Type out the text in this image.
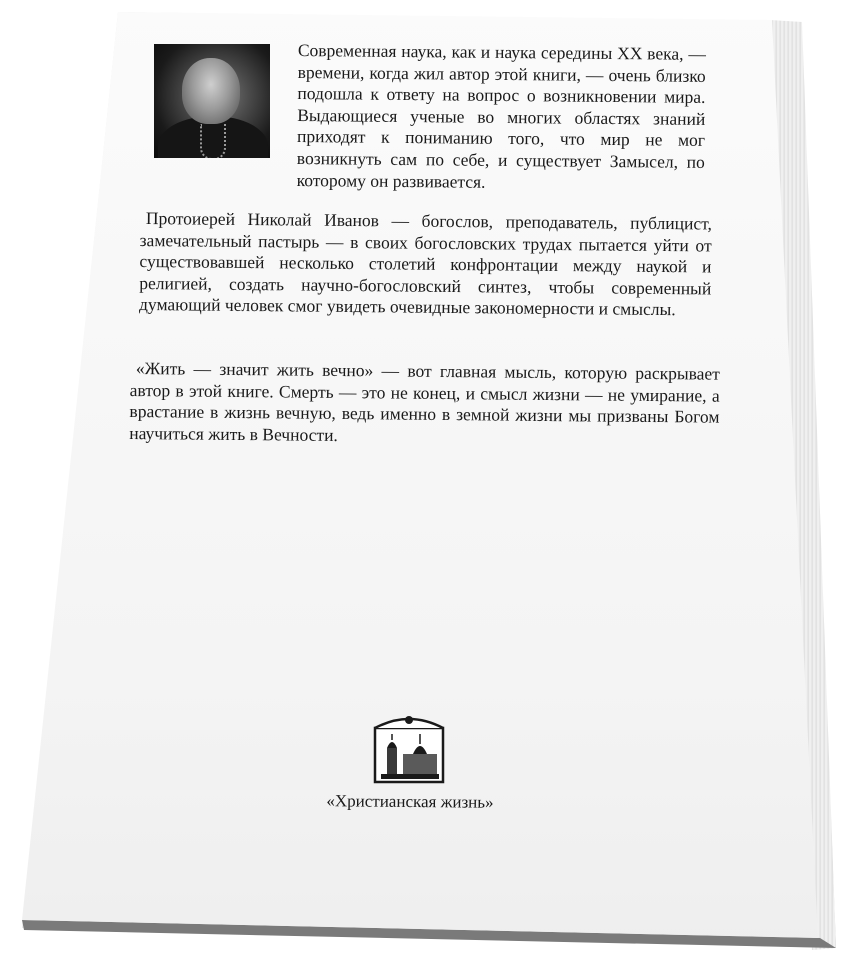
Современная наука, как и наука середины XX века, — времени, когда жил автор этой книги, — очень близко подошла к ответу на вопрос о возникновении мира. Выдающиеся ученые во многих областях знаний приходят к пониманию того, что мир не мог возникнуть сам по себе, и существует Замысел, по которому он развивается.

Протоиерей Николай Иванов — богослов, преподаватель, публицист, замечательный пастырь — в своих богословских трудах пытается уйти от существовавшей несколько столетий конфронтации между наукой и религией, создать научно-богословский синтез, чтобы современный думающий человек смог увидеть очевидные закономерности и смыслы.

«Жить — значит жить вечно» — вот главная мысль, которую раскрывает автор в этой книге. Смерть — это не конец, и смысл жизни — не умирание, а врастание в жизнь вечную, ведь именно в земной жизни мы призваны Богом научиться жить в Вечности.

«Христианская жизнь»
